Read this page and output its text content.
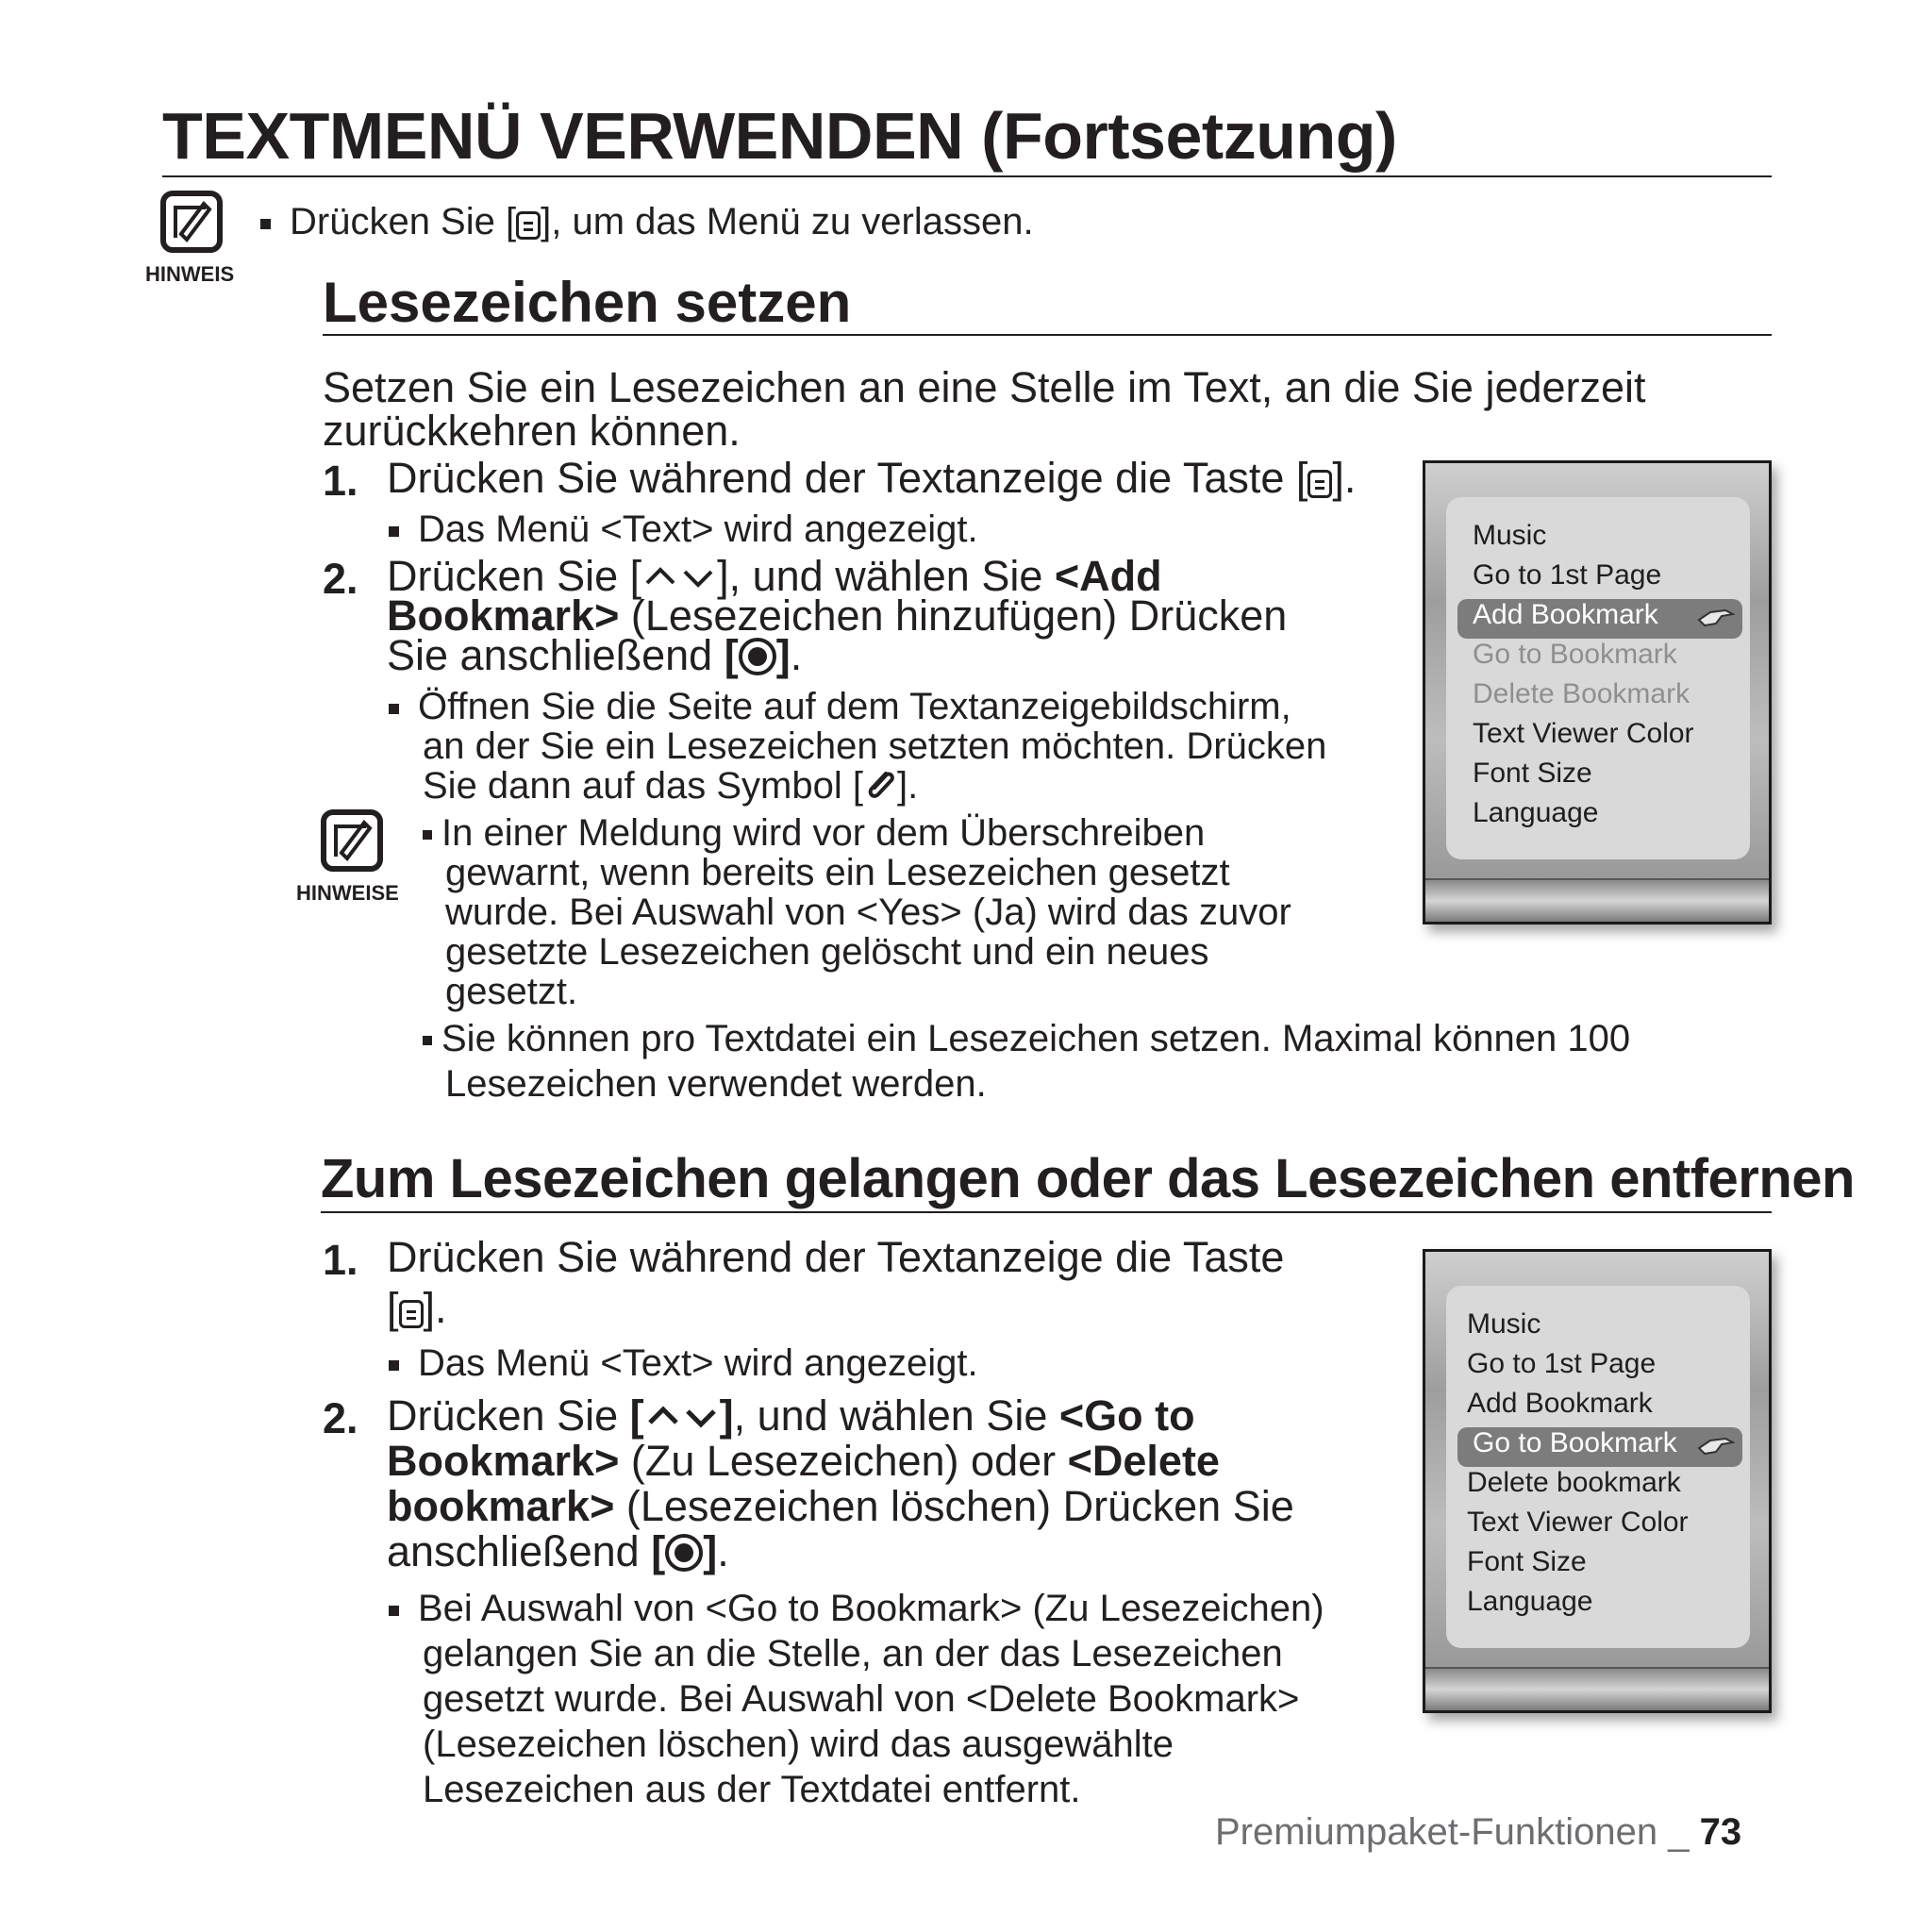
TEXTMENÜ VERWENDEN (Fortsetzung)
HINWEIS
Drücken Sie [ ], um das Menü zu verlassen.
Lesezeichen setzen
Setzen Sie ein Lesezeichen an eine Stelle im Text, an die Sie jederzeit
zurückkehren können.
1. Drücken Sie während der Textanzeige die Taste [ ].
Das Menü <Text> wird angezeigt.
2. Drücken Sie [ ], und wählen Sie <Add
Bookmark> (Lesezeichen hinzufügen) Drücken
Sie anschließend [ ].
Öffnen Sie die Seite auf dem Textanzeigebildschirm,
an der Sie ein Lesezeichen setzten möchten. Drücken
Sie dann auf das Symbol [ ].
HINWEISE
In einer Meldung wird vor dem Überschreiben
gewarnt, wenn bereits ein Lesezeichen gesetzt
wurde. Bei Auswahl von <Yes> (Ja) wird das zuvor
gesetzte Lesezeichen gelöscht und ein neues
gesetzt.
Sie können pro Textdatei ein Lesezeichen setzen. Maximal können 100
Lesezeichen verwendet werden.
Music
Go to 1st Page
Add Bookmark
Go to Bookmark
Delete Bookmark
Text Viewer Color
Font Size
Language
Zum Lesezeichen gelangen oder das Lesezeichen entfernen
1. Drücken Sie während der Textanzeige die Taste
[ ].
Das Menü <Text> wird angezeigt.
2. Drücken Sie [ ], und wählen Sie <Go to
Bookmark> (Zu Lesezeichen) oder <Delete
bookmark> (Lesezeichen löschen) Drücken Sie
anschließend [ ].
Bei Auswahl von <Go to Bookmark> (Zu Lesezeichen)
gelangen Sie an die Stelle, an der das Lesezeichen
gesetzt wurde. Bei Auswahl von <Delete Bookmark>
(Lesezeichen löschen) wird das ausgewählte
Lesezeichen aus der Textdatei entfernt.
Music
Go to 1st Page
Add Bookmark
Go to Bookmark
Delete bookmark
Text Viewer Color
Font Size
Language
Premiumpaket-Funktionen _ 73
